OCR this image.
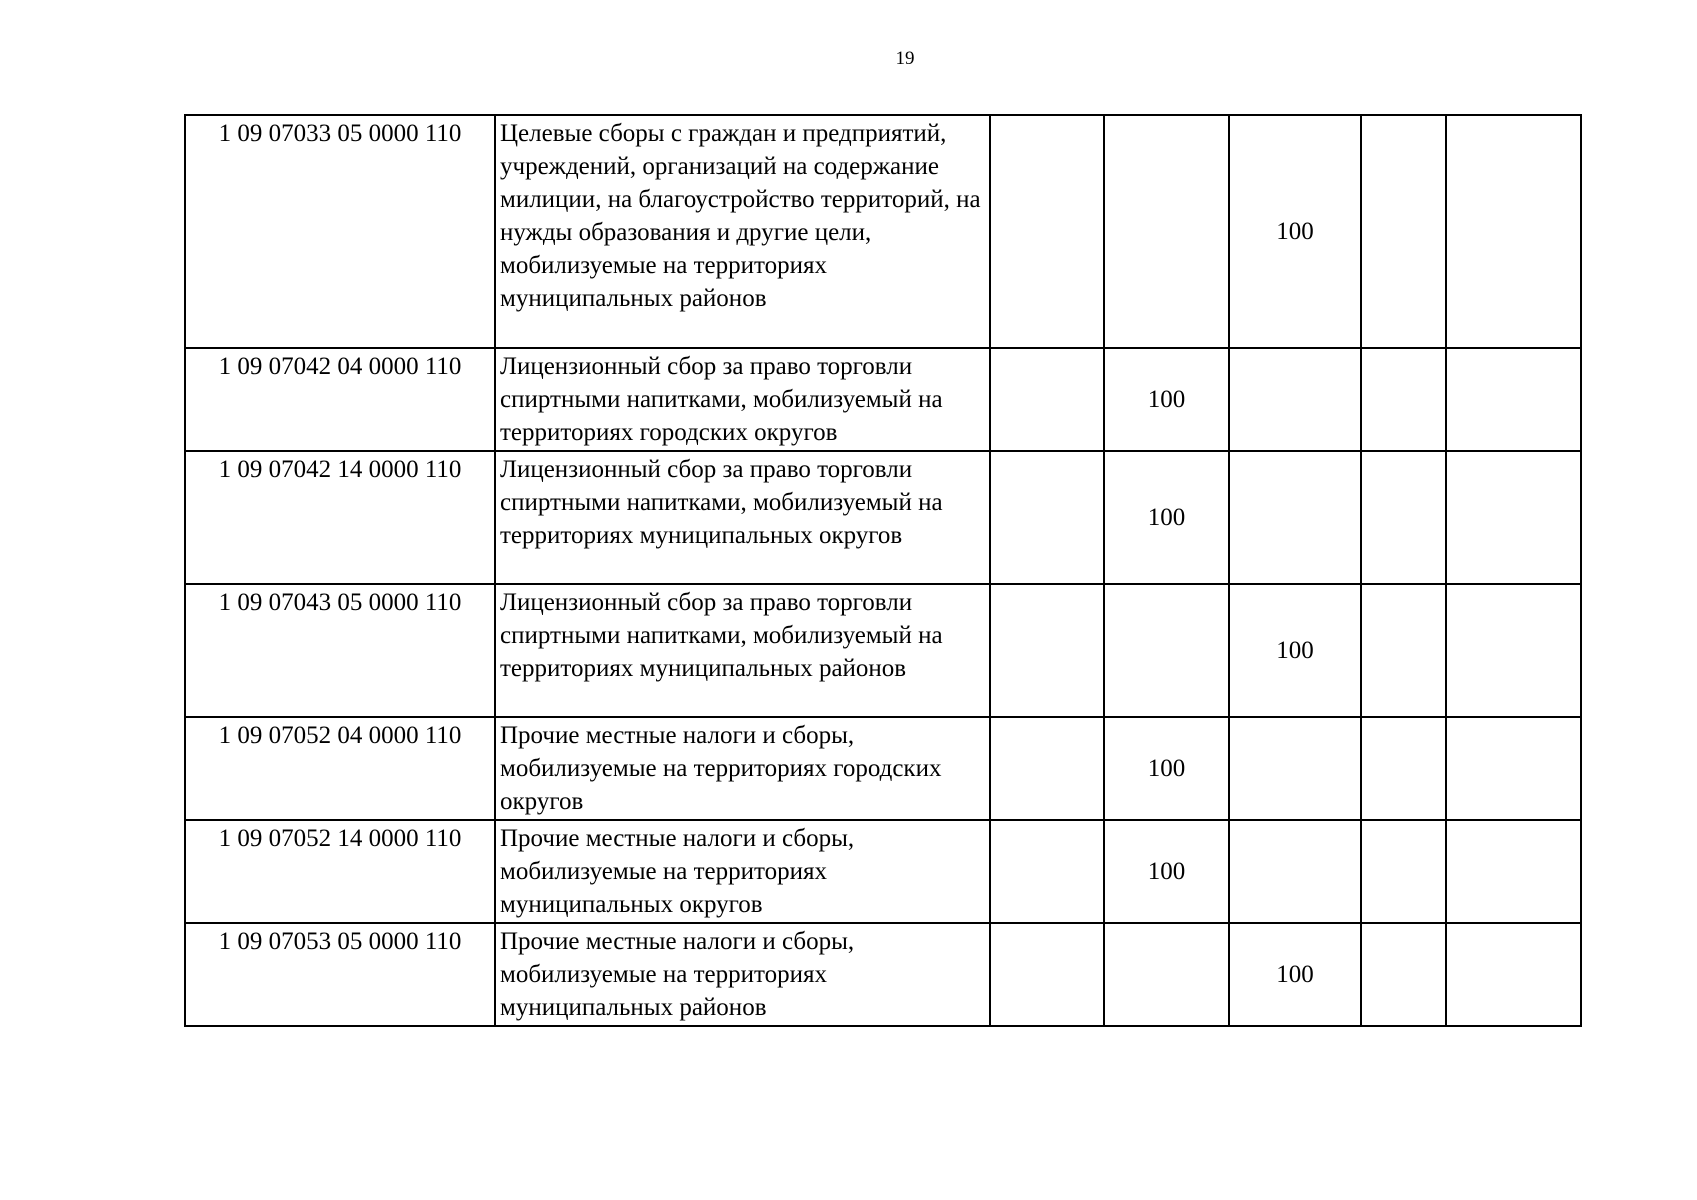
19
1 09 07033 05 0000 110	Целевые сборы с граждан и предприятий, учреждений, организаций на содержание милиции, на благоустройство территорий, на нужды образования и другие цели, мобилизуемые на территориях муниципальных районов			100		
1 09 07042 04 0000 110	Лицензионный сбор за право торговли спиртными напитками, мобилизуемый на территориях городских округов		100			
1 09 07042 14 0000 110	Лицензионный сбор за право торговли спиртными напитками, мобилизуемый на территориях муниципальных округов		100			
1 09 07043 05 0000 110	Лицензионный сбор за право торговли спиртными напитками, мобилизуемый на территориях муниципальных районов			100		
1 09 07052 04 0000 110	Прочие местные налоги и сборы, мобилизуемые на территориях городских округов		100			
1 09 07052 14 0000 110	Прочие местные налоги и сборы, мобилизуемые на территориях муниципальных округов		100			
1 09 07053 05 0000 110	Прочие местные налоги и сборы, мобилизуемые на территориях муниципальных районов			100		
